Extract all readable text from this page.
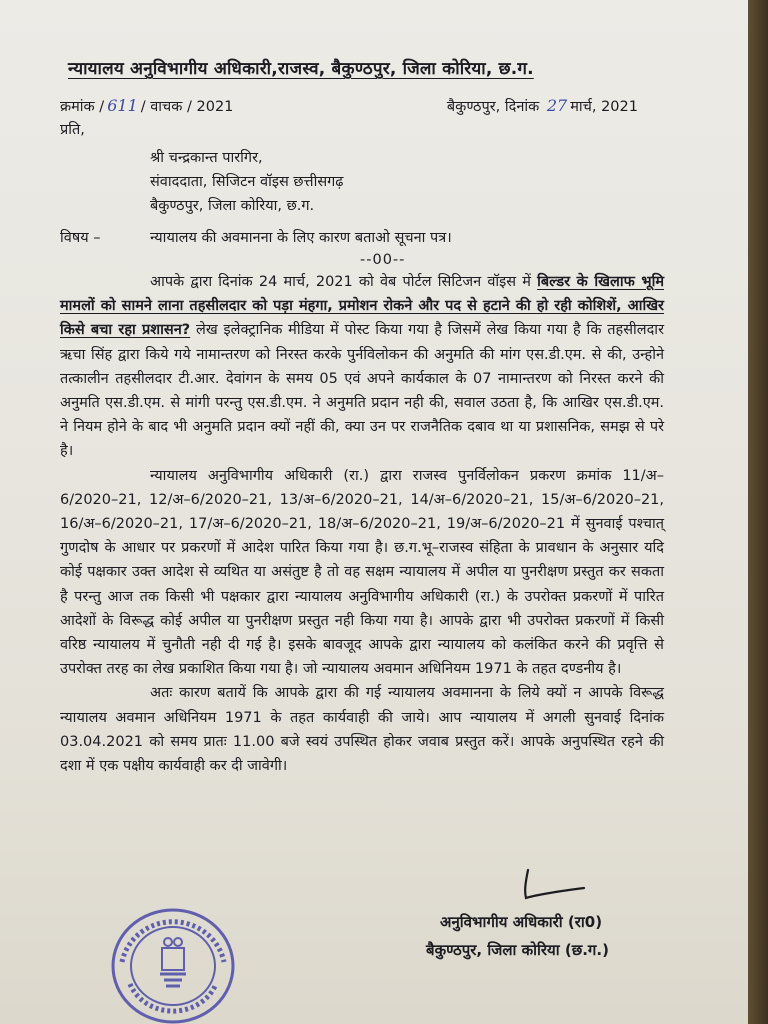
न्यायालय अनुविभागीय अधिकारी,राजस्व, बैकुण्ठपुर, जिला कोरिया, छ.ग.
क्रमांक / 611 / वाचक / 2021	बैकुण्ठपुर, दिनांक 27 मार्च, 2021
प्रति,
श्री चन्द्रकान्त पारगिर,
संवाददाता, सिजिटन वॉइस छत्तीसगढ़
बैकुण्ठपुर, जिला कोरिया, छ.ग.
विषय –	न्यायालय की अवमानना के लिए कारण बताओ सूचना पत्र।
--00--

आपके द्वारा दिनांक 24 मार्च, 2021 को वेब पोर्टल सिटिजन वॉइस में बिल्डर के खिलाफ भूमि मामलों को सामने लाना तहसीलदार को पड़ा मंहगा, प्रमोशन रोकने और पद से हटाने की हो रही कोशिशें, आखिर किसे बचा रहा प्रशासन? लेख इलेक्ट्रानिक मीडिया में पोस्ट किया गया है जिसमें लेख किया गया है कि तहसीलदार ऋचा सिंह द्वारा किये गये नामान्तरण को निरस्त करके पुर्नविलोकन की अनुमति की मांग एस.डी.एम. से की, उन्होने तत्कालीन तहसीलदार टी.आर. देवांगन के समय 05 एवं अपने कार्यकाल के 07 नामान्तरण को निरस्त करने की अनुमति एस.डी.एम. से मांगी परन्तु एस.डी.एम. ने अनुमति प्रदान नही की, सवाल उठता है, कि आखिर एस.डी.एम. ने नियम होने के बाद भी अनुमति प्रदान क्यों नहीं की, क्या उन पर राजनैतिक दबाव था या प्रशासनिक, समझ से परे है।

न्यायालय अनुविभागीय अधिकारी (रा.) द्वारा राजस्व पुनर्विलोकन प्रकरण क्रमांक 11/अ–6/2020–21, 12/अ–6/2020–21, 13/अ–6/2020–21, 14/अ–6/2020–21, 15/अ–6/2020–21, 16/अ–6/2020–21, 17/अ–6/2020–21, 18/अ–6/2020–21, 19/अ–6/2020–21 में सुनवाई पश्चात् गुणदोष के आधार पर प्रकरणों में आदेश पारित किया गया है। छ.ग.भू–राजस्व संहिता के प्रावधान के अनुसार यदि कोई पक्षकार उक्त आदेश से व्यथित या असंतुष्ट है तो वह सक्षम न्यायालय में अपील या पुनरीक्षण प्रस्तुत कर सकता है परन्तु आज तक किसी भी पक्षकार द्वारा न्यायालय अनुविभागीय अधिकारी (रा.) के उपरोक्त प्रकरणों में पारित आदेशों के विरूद्ध कोई अपील या पुनरीक्षण प्रस्तुत नही किया गया है। आपके द्वारा भी उपरोक्त प्रकरणों में किसी वरिष्ठ न्यायालय में चुनौती नही दी गई है। इसके बावजूद आपके द्वारा न्यायालय को कलंकित करने की प्रवृत्ति से उपरोक्त तरह का लेख प्रकाशित किया गया है। जो न्यायालय अवमान अधिनियम 1971 के तहत दण्डनीय है।

अतः कारण बतायें कि आपके द्वारा की गई न्यायालय अवमानना के लिये क्यों न आपके विरूद्ध न्यायालय अवमान अधिनियम 1971 के तहत कार्यवाही की जाये। आप न्यायालय में अगली सुनवाई दिनांक 03.04.2021 को समय प्रातः 11.00 बजे स्वयं उपस्थित होकर जवाब प्रस्तुत करें। आपके अनुपस्थित रहने की दशा में एक पक्षीय कार्यवाही कर दी जावेगी।

अनुविभागीय अधिकारी (रा0)
बैकुण्ठपुर, जिला कोरिया (छ.ग.)
